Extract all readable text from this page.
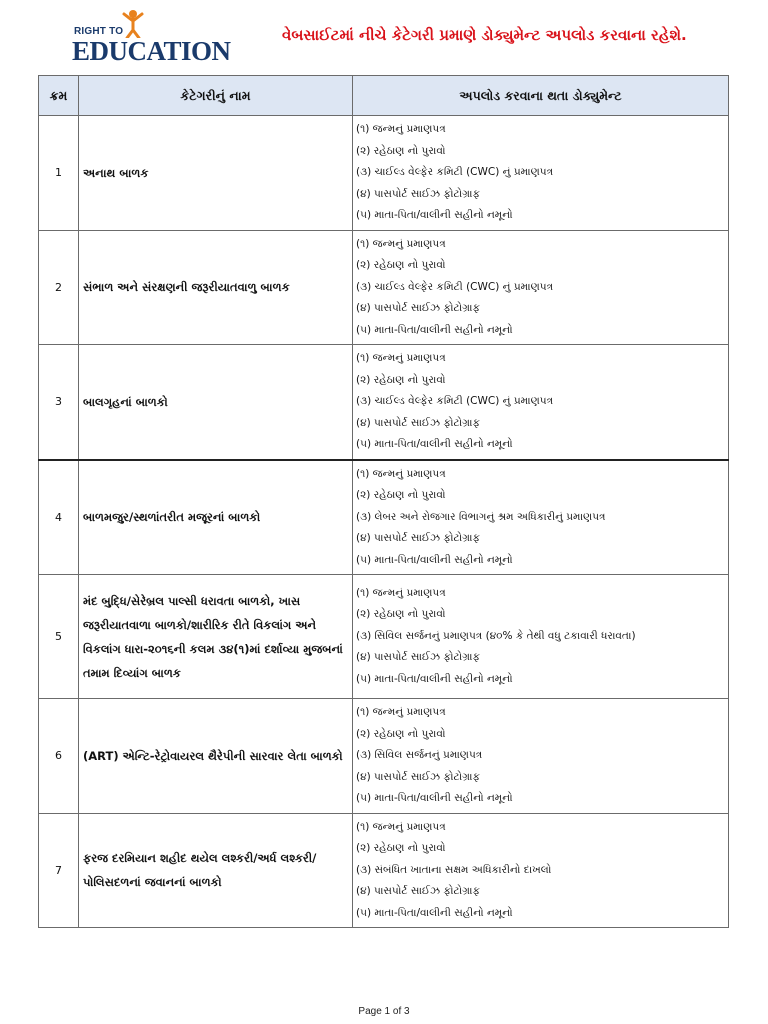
RIGHT TO
EDUCATION
વેબસાઈટમાં નીચે કેટેગરી પ્રમાણે ડોક્યુમેન્ટ અપલોડ કરવાના રહેશે.
ક્રમ	કેટેગરીનું નામ	અપલોડ કરવાના થતા ડોક્યુમેન્ટ
1	અનાથ બાળક	(૧) જન્મનું પ્રમાણપત્ર
(૨) રહેઠાણ નો પુરાવો
(૩) ચાઈલ્ડ વેલ્ફેર કમિટી (CWC) નું પ્રમાણપત્ર
(૪) પાસપોર્ટ સાઈઝ ફોટોગ્રાફ
(૫) માતા-પિતા/વાલીની સહીનો નમૂનો

2	સંભાળ અને સંરક્ષણની જરૂરીયાતવાળુ બાળક	(૧) જન્મનું પ્રમાણપત્ર
(૨) રહેઠાણ નો પુરાવો
(૩) ચાઈલ્ડ વેલ્ફેર કમિટી (CWC) નું પ્રમાણપત્ર
(૪) પાસપોર્ટ સાઈઝ ફોટોગ્રાફ
(૫) માતા-પિતા/વાલીની સહીનો નમૂનો

3	બાલગૃહનાં બાળકો	(૧) જન્મનું પ્રમાણપત્ર
(૨) રહેઠાણ નો પુરાવો
(૩) ચાઈલ્ડ વેલ્ફેર કમિટી (CWC) નું પ્રમાણપત્ર
(૪) પાસપોર્ટ સાઈઝ ફોટોગ્રાફ
(૫) માતા-પિતા/વાલીની સહીનો નમૂનો

4	બાળમજુર/સ્થળાંતરીત મજૂરનાં બાળકો	(૧) જન્મનું પ્રમાણપત્ર
(૨) રહેઠાણ નો પુરાવો
(૩) લેબર અને રોજગાર વિભાગનું શ્રમ અધિકારીનું પ્રમાણપત્ર
(૪) પાસપોર્ટ સાઈઝ ફોટોગ્રાફ
(૫) માતા-પિતા/વાલીની સહીનો નમૂનો

5	મંદ બુદ્ધિ/સેરેબ્રલ પાલ્સી ધરાવતા બાળકો, ખાસ જરૂરીયાતવાળા બાળકો/શારીરિક રીતે વિકલાંગ અને વિકલાંગ ધારા-૨૦૧૬ની કલમ ૩૪(૧)માં દર્શાવ્યા મુજબનાં તમામ દિવ્યાંગ બાળક	(૧) જન્મનું પ્રમાણપત્ર
(૨) રહેઠાણ નો પુરાવો
(૩) સિવિલ સર્જનનું પ્રમાણપત્ર (૪૦% કે તેથી વધુ ટકાવારી ધરાવતા)
(૪) પાસપોર્ટ સાઈઝ ફોટોગ્રાફ
(૫) માતા-પિતા/વાલીની સહીનો નમૂનો

6	(ART) એન્ટિ-રેટ્રોવાયરલ થૈરેપીની સારવાર લેતા બાળકો	(૧) જન્મનું પ્રમાણપત્ર
(૨) રહેઠાણ નો પુરાવો
(૩) સિવિલ સર્જનનું પ્રમાણપત્ર
(૪) પાસપોર્ટ સાઈઝ ફોટોગ્રાફ
(૫) માતા-પિતા/વાલીની સહીનો નમૂનો

7	ફરજ દરમિયાન શહીદ થયેલ લશ્કરી/અર્ધ લશ્કરી/પોલિસદળનાં જવાનનાં બાળકો	(૧) જન્મનું પ્રમાણપત્ર
(૨) રહેઠાણ નો પુરાવો
(૩) સંબંધિત ખાતાના સક્ષમ અધિકારીનો દાખલો
(૪) પાસપોર્ટ સાઈઝ ફોટોગ્રાફ
(૫) માતા-પિતા/વાલીની સહીનો નમૂનો
Page 1 of 3
